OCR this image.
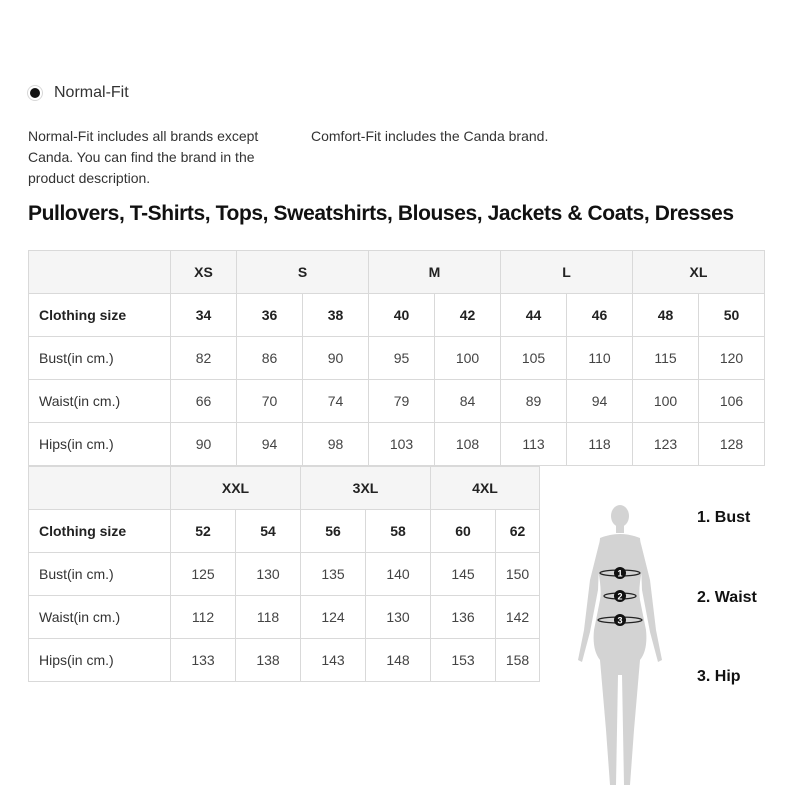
Normal-Fit
Normal-Fit includes all brands except Canda. You can find the brand in the product description.
Comfort-Fit includes the Canda brand.
Pullovers, T-Shirts, Tops, Sweatshirts, Blouses, Jackets & Coats, Dresses
	XS	S		M		L		XL	
Clothing size	34	36	38	40	42	44	46	48	50
Bust(in cm.)	82	86	90	95	100	105	110	115	120
Waist(in cm.)	66	70	74	79	84	89	94	100	106
Hips(in cm.)	90	94	98	103	108	113	118	123	128
	XXL		3XL		4XL	
Clothing size	52	54	56	58	60	62
Bust(in cm.)	125	130	135	140	145	150
Waist(in cm.)	112	118	124	130	136	142
Hips(in cm.)	133	138	143	148	153	158
1
2
3
1. Bust
2. Waist
3. Hip
